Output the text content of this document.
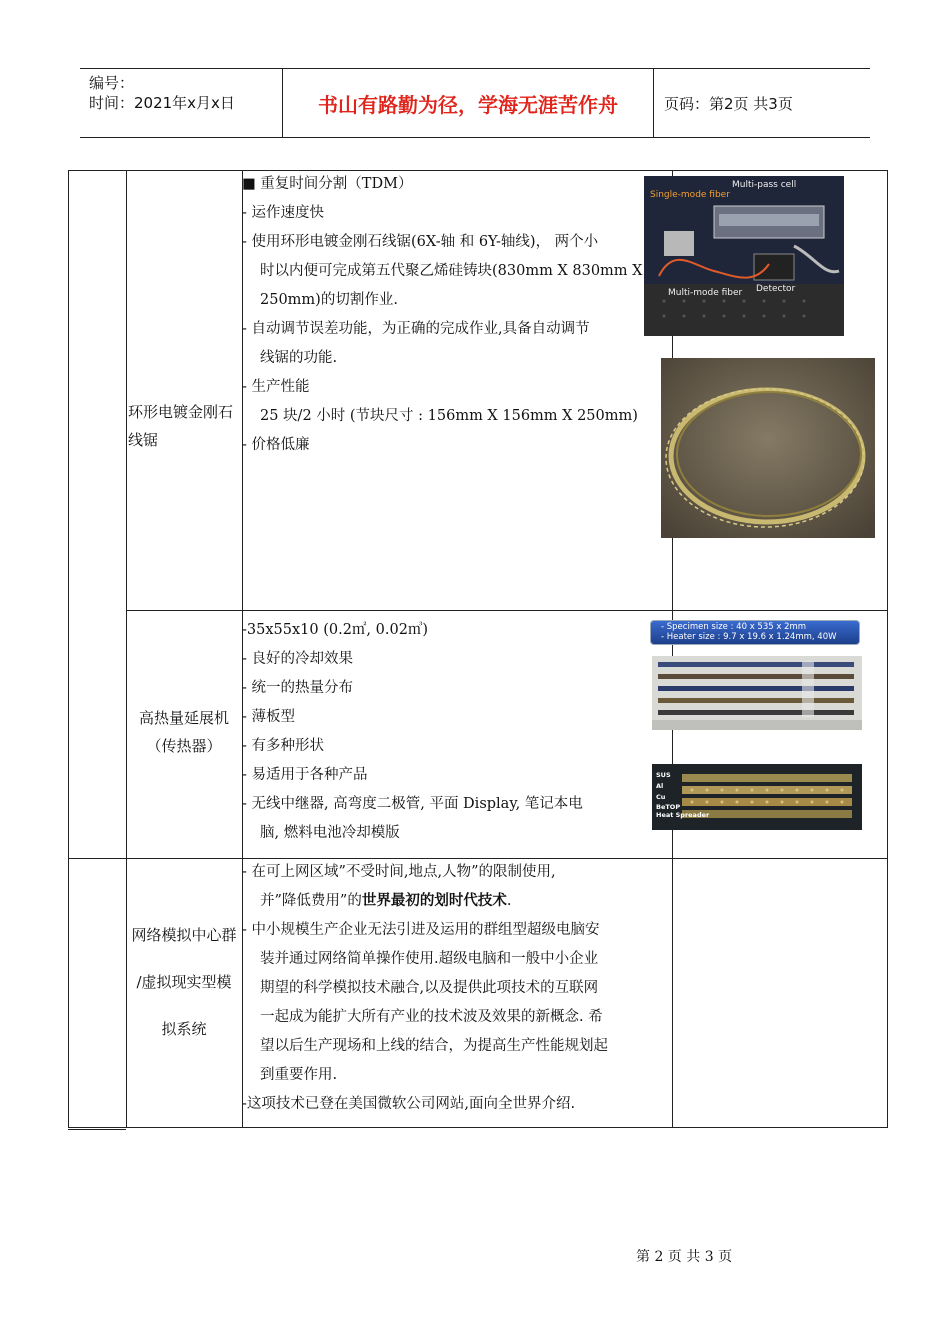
编号：
时间：2021年x月x日	书山有路勤为径，学海无涯苦作舟	页码：第2页 共3页
环形电镀金刚石线锯

■ 重复时间分割（TDM）

- 运作速度快

- 使用环形电镀金刚石线锯(6X-轴 和 6Y-轴线)， 两个小

时以内便可完成第五代聚乙烯硅铸块(830mm X 830mm X

250mm)的切割作业.

- 自动调节误差功能，为正确的完成作业,具备自动调节

线锯的功能.

- 生产性能

25 块/2 小时 (节块尺寸 : 156mm X 156mm X 250mm)

- 价格低廉

Single-mode fiber
Multi-pass cell
Multi-mode fiber Detector
高热量延展机
（传热器）

-35x55x10 (0.2㎡, 0.02㎥)

- 良好的冷却效果

- 统一的热量分布

- 薄板型

- 有多种形状

- 易适用于各种产品

- 无线中继器, 高弯度二极管, 平面 Display, 笔记本电

脑, 燃料电池冷却模版

- Specimen size : 40 x 535 x 2mm
- Heater size : 9.7 x 19.6 x 1.24mm, 40W
SUS
Al
Cu
BeTOP
Heat Spreader
网络模拟中心群
/虚拟现实型模
拟系统

- 在可上网区域”不受时间,地点,人物”的限制使用,

并”降低费用”的世界最初的划时代技术.

- 中小规模生产企业无法引进及运用的群组型超级电脑安

装并通过网络简单操作使用.超级电脑和一般中小企业

期望的科学模拟技术融合,以及提供此项技术的互联网

一起成为能扩大所有产业的技术波及效果的新概念. 希

望以后生产现场和上线的结合，为提高生产性能规划起

到重要作用.

-这项技术已登在美国微软公司网站,面向全世界介绍.

第 2 页 共 3 页
